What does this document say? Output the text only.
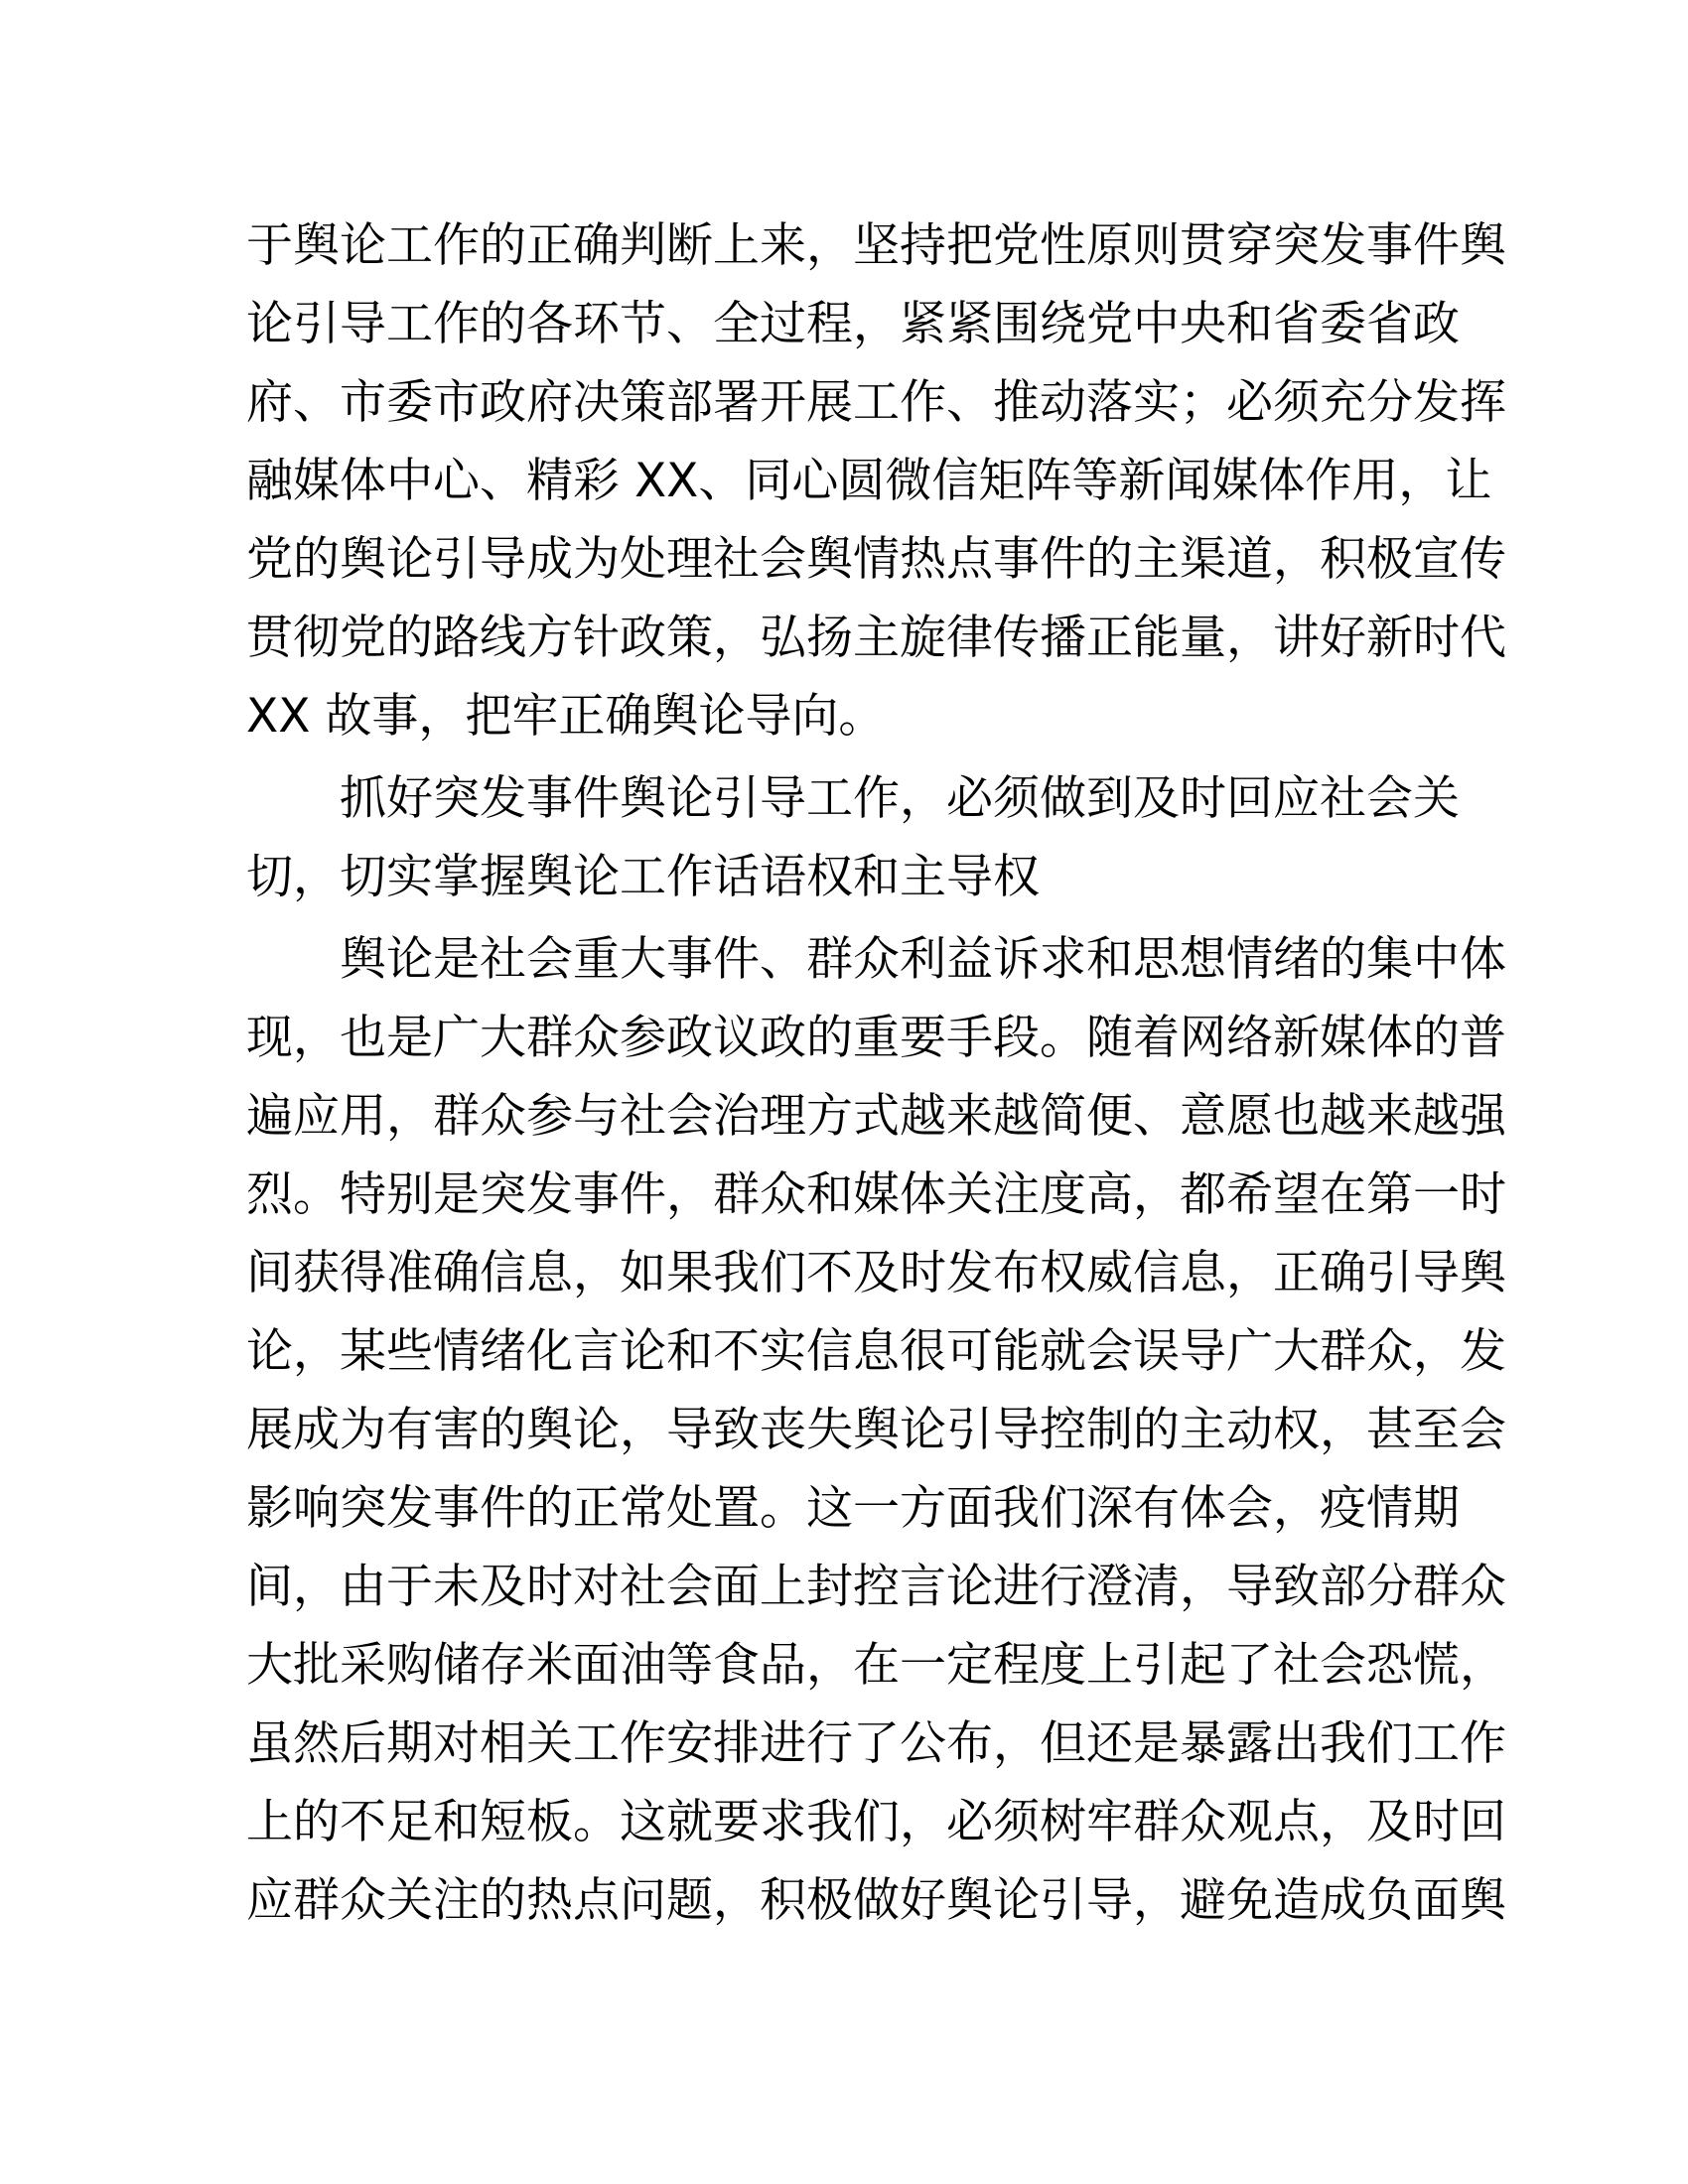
于舆论工作的正确判断上来，坚持把党性原则贯穿突发事件舆
论引导工作的各环节、全过程，紧紧围绕党中央和省委省政
府、市委市政府决策部署开展工作、推动落实；必须充分发挥
融媒体中心、精彩 XX、同心圆微信矩阵等新闻媒体作用，让
党的舆论引导成为处理社会舆情热点事件的主渠道，积极宣传
贯彻党的路线方针政策，弘扬主旋律传播正能量，讲好新时代
XX 故事，把牢正确舆论导向。
抓好突发事件舆论引导工作，必须做到及时回应社会关
切，切实掌握舆论工作话语权和主导权
舆论是社会重大事件、群众利益诉求和思想情绪的集中体
现，也是广大群众参政议政的重要手段。随着网络新媒体的普
遍应用，群众参与社会治理方式越来越简便、意愿也越来越强
烈。特别是突发事件，群众和媒体关注度高，都希望在第一时
间获得准确信息，如果我们不及时发布权威信息，正确引导舆
论，某些情绪化言论和不实信息很可能就会误导广大群众，发
展成为有害的舆论，导致丧失舆论引导控制的主动权，甚至会
影响突发事件的正常处置。这一方面我们深有体会，疫情期
间，由于未及时对社会面上封控言论进行澄清，导致部分群众
大批采购储存米面油等食品，在一定程度上引起了社会恐慌，
虽然后期对相关工作安排进行了公布，但还是暴露出我们工作
上的不足和短板。这就要求我们，必须树牢群众观点，及时回
应群众关注的热点问题，积极做好舆论引导，避免造成负面舆
